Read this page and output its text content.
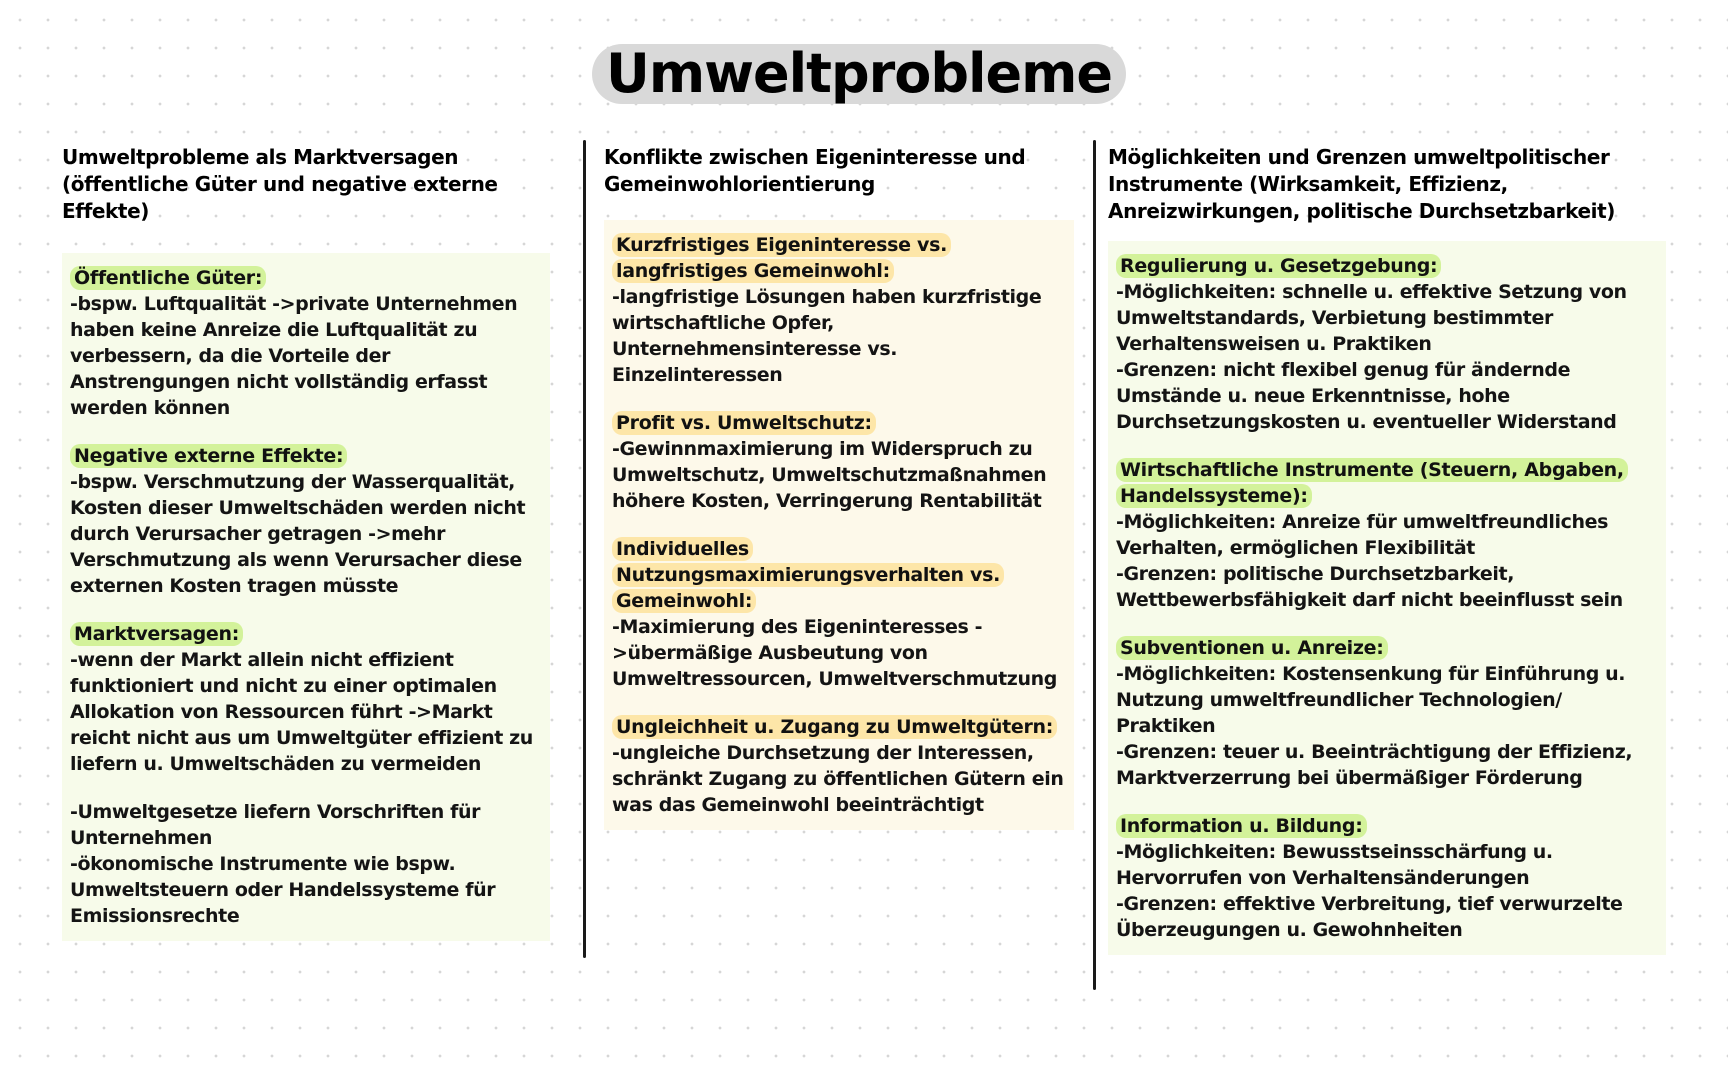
Umweltprobleme
Umweltprobleme als Marktversagen (öffentliche Güter und negative externe Effekte)
Öffentliche Güter:

-bspw. Luftqualität ->private Unternehmen haben keine Anreize die Luftqualität zu verbessern, da die Vorteile der Anstrengungen nicht vollständig erfasst werden können

Negative externe Effekte:

-bspw. Verschmutzung der Wasserqualität, Kosten dieser Umweltschäden werden nicht durch Verursacher getragen ->mehr Verschmutzung als wenn Verursacher diese externen Kosten tragen müsste

Marktversagen:

-wenn der Markt allein nicht effizient funktioniert und nicht zu einer optimalen Allokation von Ressourcen führt ->Markt reicht nicht aus um Umweltgüter effizient zu liefern u. Umweltschäden zu vermeiden

-Umweltgesetze liefern Vorschriften für Unternehmen
-ökonomische Instrumente wie bspw. Umweltsteuern oder Handelssysteme für Emissionsrechte

Konflikte zwischen Eigeninteresse und Gemeinwohlorientierung
Kurzfristiges Eigeninteresse vs. langfristiges Gemeinwohl:

-langfristige Lösungen haben kurzfristige wirtschaftliche Opfer, Unternehmensinteresse vs. Einzelinteressen

Profit vs. Umweltschutz:

-Gewinnmaximierung im Widerspruch zu Umweltschutz, Umweltschutzmaßnahmen höhere Kosten, Verringerung Rentabilität

Individuelles Nutzungsmaximierungsverhalten vs. Gemeinwohl:

-Maximierung des Eigeninteresses ->übermäßige Ausbeutung von Umweltressourcen, Umweltverschmutzung

Ungleichheit u. Zugang zu Umweltgütern:

-ungleiche Durchsetzung der Interessen, schränkt Zugang zu öffentlichen Gütern ein was das Gemeinwohl beeinträchtigt

Möglichkeiten und Grenzen umweltpolitischer Instrumente (Wirksamkeit, Effizienz, Anreizwirkungen, politische Durchsetzbarkeit)
Regulierung u. Gesetzgebung:

-Möglichkeiten: schnelle u. effektive Setzung von Umweltstandards, Verbietung bestimmter Verhaltensweisen u. Praktiken
-Grenzen: nicht flexibel genug für ändernde Umstände u. neue Erkenntnisse, hohe Durchsetzungskosten u. eventueller Widerstand

Wirtschaftliche Instrumente (Steuern, Abgaben, Handelssysteme):

-Möglichkeiten: Anreize für umweltfreundliches Verhalten, ermöglichen Flexibilität
-Grenzen: politische Durchsetzbarkeit, Wettbewerbsfähigkeit darf nicht beeinflusst sein

Subventionen u. Anreize:

-Möglichkeiten: Kostensenkung für Einführung u. Nutzung umweltfreundlicher Technologien/ Praktiken
-Grenzen: teuer u. Beeinträchtigung der Effizienz, Marktverzerrung bei übermäßiger Förderung

Information u. Bildung:

-Möglichkeiten: Bewusstseinsschärfung u. Hervorrufen von Verhaltensänderungen
-Grenzen: effektive Verbreitung, tief verwurzelte Überzeugungen u. Gewohnheiten
